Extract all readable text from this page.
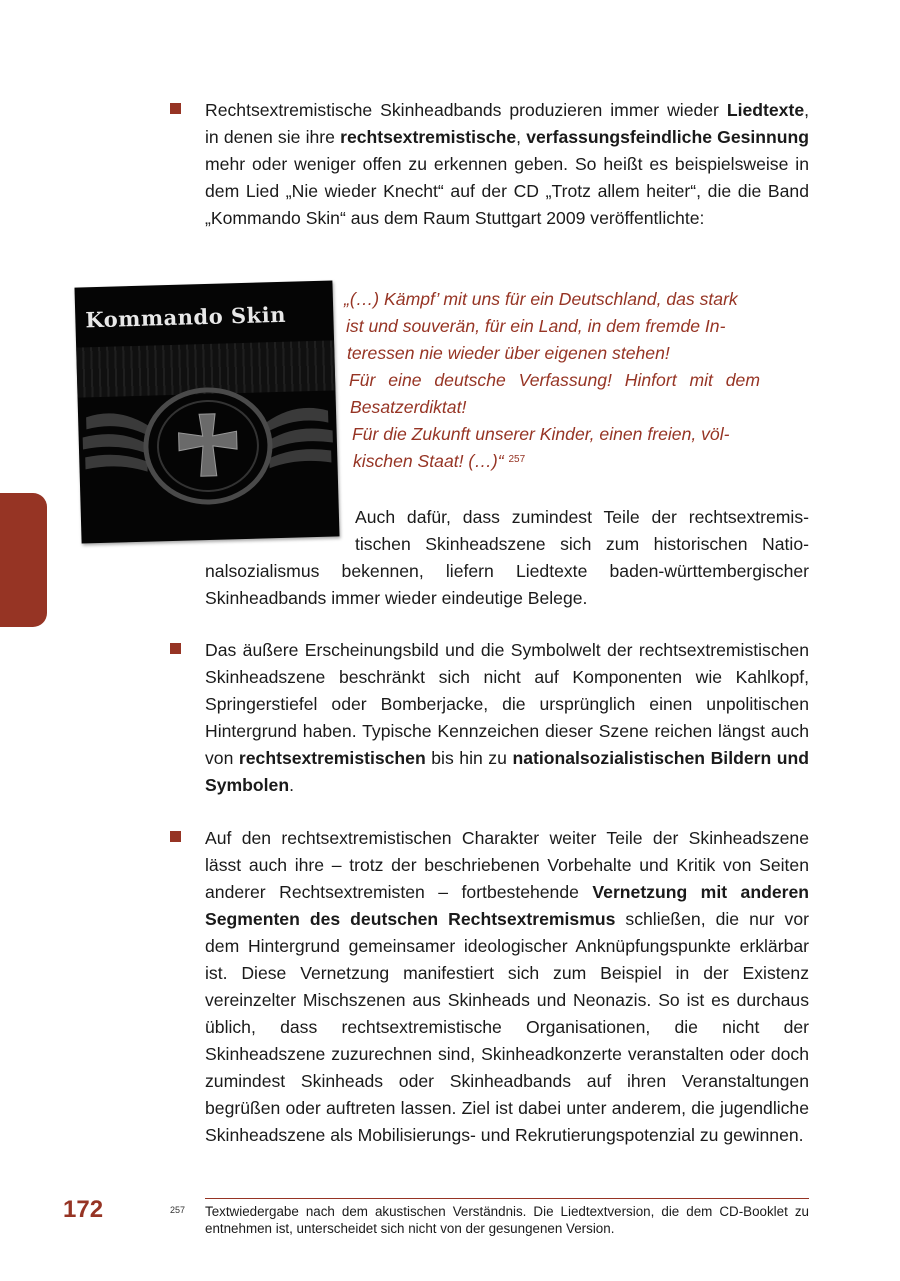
Rechtsextremistische Skinheadbands produzieren immer wieder Liedtexte, in denen sie ihre rechtsextremistische, verfassungsfeindliche Gesinnung mehr oder weniger offen zu erkennen geben. So heißt es beispielsweise in dem Lied „Nie wieder Knecht“ auf der CD „Trotz allem heiter“, die die Band „Kommando Skin“ aus dem Raum Stuttgart 2009 veröffentlichte:

Kommando Skin
„(…) Kämpf’ mit uns für ein Deutschland, das stark
ist und souverän, für ein Land, in dem fremde In-
teressen nie wieder über eigenen stehen!
Für eine deutsche Verfassung! Hinfort mit dem
Besatzerdiktat!
Für die Zukunft unserer Kinder, einen freien, völ-
kischen Staat! (…)“ $^{257}$

Auch dafür, dass zumindest Teile der rechtsextremis-

tischen Skinheadszene sich zum historischen Natio-

nalsozialismus bekennen, liefern Liedtexte baden-württembergischer

Skinheadbands immer wieder eindeutige Belege.

Das äußere Erscheinungsbild und die Symbolwelt der rechtsextremistischen Skinheadszene beschränkt sich nicht auf Komponenten wie Kahlkopf, Springerstiefel oder Bomberjacke, die ursprünglich einen unpolitischen Hintergrund haben. Typische Kennzeichen dieser Szene reichen längst auch von rechtsextremistischen bis hin zu nationalsozialistischen Bildern und Symbolen.

Auf den rechtsextremistischen Charakter weiter Teile der Skinheadszene lässt auch ihre – trotz der beschriebenen Vorbehalte und Kritik von Seiten anderer Rechtsextremisten – fortbestehende Vernetzung mit anderen Segmenten des deutschen Rechtsextremismus schließen, die nur vor dem Hintergrund gemeinsamer ideologischer Anknüpfungspunkte erklärbar ist. Diese Vernetzung manifestiert sich zum Beispiel in der Existenz vereinzelter Mischszenen aus Skinheads und Neonazis. So ist es durchaus üblich, dass rechtsextremistische Organisationen, die nicht der Skinheadszene zuzurechnen sind, Skinheadkonzerte veranstalten oder doch zumindest Skinheads oder Skinheadbands auf ihren Veranstaltungen begrüßen oder auftreten lassen. Ziel ist dabei unter anderem, die jugendliche Skinheadszene als Mobilisierungs- und Rekrutierungspotenzial zu gewinnen.

172	257 Textwiedergabe nach dem akustischen Verständnis. Die Liedtextversion, die dem CD-Booklet zu entnehmen ist, unterscheidet sich nicht von der gesungenen Version.
